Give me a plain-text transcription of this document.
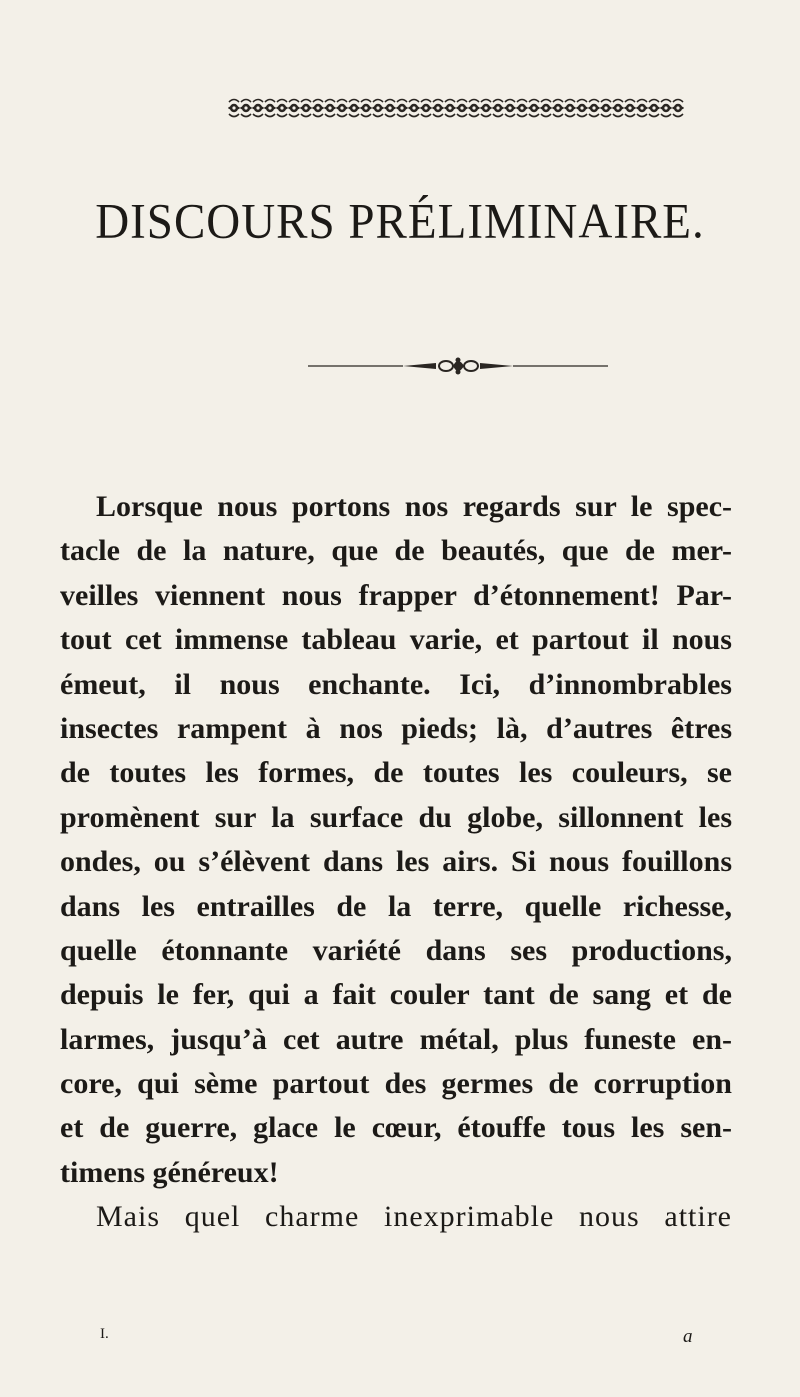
DISCOURS PRÉLIMINAIRE.
Lorsque nous portons nos regards sur le spec-
tacle de la nature, que de beautés, que de mer-
veilles viennent nous frapper d’étonnement! Par-
tout cet immense tableau varie, et partout il nous
émeut, il nous enchante. Ici, d’innombrables
insectes rampent à nos pieds; là, d’autres êtres
de toutes les formes, de toutes les couleurs, se
promènent sur la surface du globe, sillonnent les
ondes, ou s’élèvent dans les airs. Si nous fouillons
dans les entrailles de la terre, quelle richesse,
quelle étonnante variété dans ses productions,
depuis le fer, qui a fait couler tant de sang et de
larmes, jusqu’à cet autre métal, plus funeste en-
core, qui sème partout des germes de corruption
et de guerre, glace le cœur, étouffe tous les sen-
timens généreux!
Mais quel charme inexprimable nous attire
I.	a
